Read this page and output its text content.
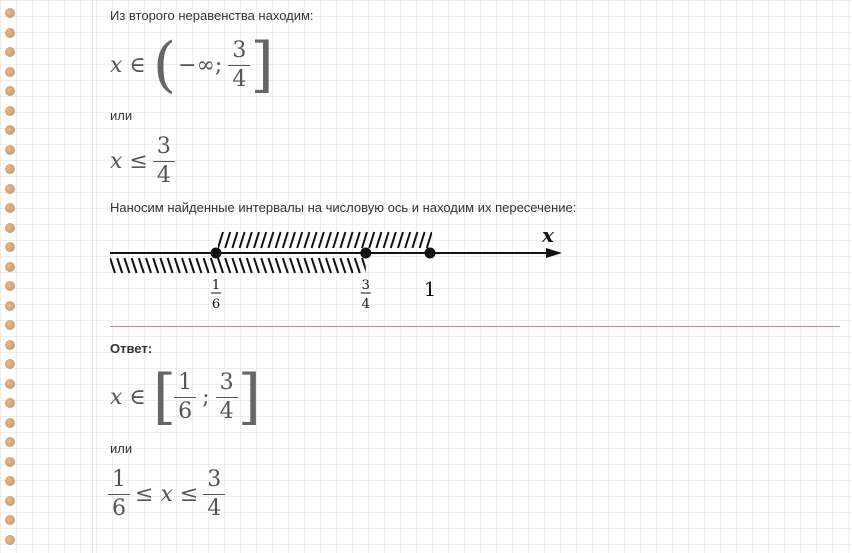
Из второго неравенства находим:
x ∈ ( −∞; $\frac{3}{4}$ ]
или
$x \le \frac{3}{4}$
Наносим найденные интервалы на числовую ось и находим их пересечение:
x
1
6
3
4
1
Ответ:
x ∈ [ $\frac{1}{6}$ ; $\frac{3}{4}$ ]
или
$\frac{1}{6} \le x \le \frac{3}{4}$
